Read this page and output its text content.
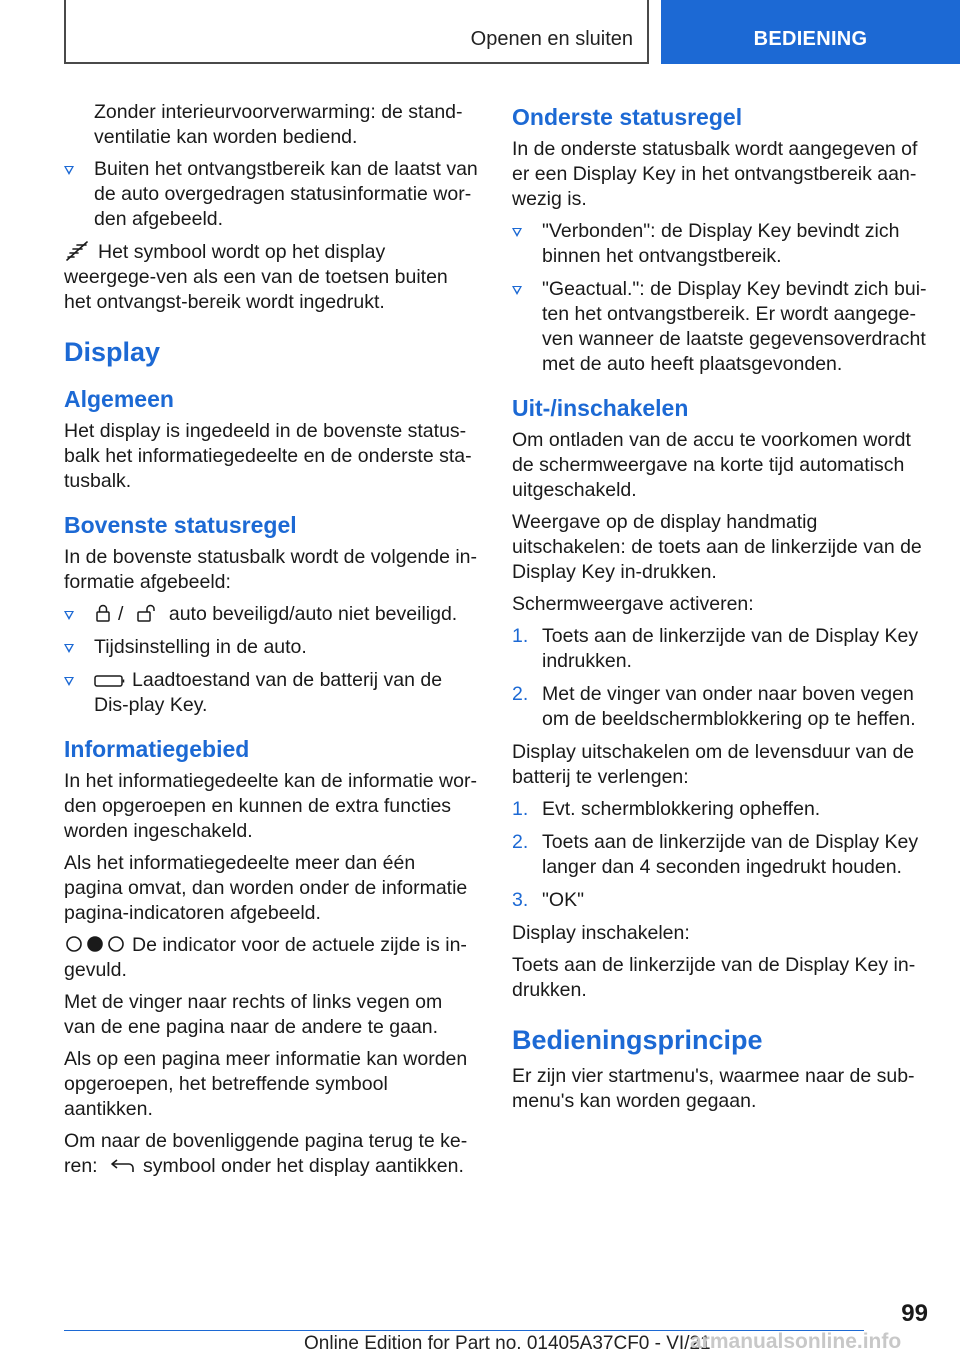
Openen en sluiten	BEDIENING

Zonder interieurvoorverwarming: de stand-ventilatie kan worden bediend.

Buiten het ontvangstbereik kan de laatst van de auto overgedragen statusinformatie wor-den afgebeeld.

Het symbool wordt op het display weergege-ven als een van de toetsen buiten het ontvangst-bereik wordt ingedrukt.

Display
Algemeen

Het display is ingedeeld in de bovenste status-balk het informatiegedeelte en de onderste sta-tusbalk.

Bovenste statusregel

In de bovenste statusbalk wordt de volgende in-formatie afgebeeld:

/ auto beveiligd/auto niet beveiligd.
Tijdsinstelling in de auto.
Laadtoestand van de batterij van de Dis-play Key.
Informatiegebied

In het informatiegedeelte kan de informatie wor-den opgeroepen en kunnen de extra functies worden ingeschakeld.

Als het informatiegedeelte meer dan één pagina omvat, dan worden onder de informatie pagina-indicatoren afgebeeld.

De indicator voor de actuele zijde is in-gevuld.

Met de vinger naar rechts of links vegen om van de ene pagina naar de andere te gaan.

Als op een pagina meer informatie kan worden opgeroepen, het betreffende symbool aantikken.

Om naar de bovenliggende pagina terug te ke-ren: symbool onder het display aantikken.

Onderste statusregel

In de onderste statusbalk wordt aangegeven of er een Display Key in het ontvangstbereik aan-wezig is.

"Verbonden": de Display Key bevindt zich binnen het ontvangstbereik.
"Geactual.": de Display Key bevindt zich bui-ten het ontvangstbereik. Er wordt aangege-ven wanneer de laatste gegevensoverdracht met de auto heeft plaatsgevonden.
Uit-/inschakelen

Om ontladen van de accu te voorkomen wordt de schermweergave na korte tijd automatisch uitgeschakeld.

Weergave op de display handmatig uitschakelen: de toets aan de linkerzijde van de Display Key in-drukken.

Schermweergave activeren:

1. Toets aan de linkerzijde van de Display Key indrukken.
2. Met de vinger van onder naar boven vegen om de beeldschermblokkering op te heffen.

Display uitschakelen om de levensduur van de batterij te verlengen:

1. Evt. schermblokkering opheffen.
2. Toets aan de linkerzijde van de Display Key langer dan 4 seconden ingedrukt houden.
3. "OK"

Display inschakelen:

Toets aan de linkerzijde van de Display Key in-drukken.

Bedieningsprincipe

Er zijn vier startmenu's, waarmee naar de sub-menu's kan worden gegaan.

99
Online Edition for Part no. 01405A37CF0 - VI/21
armanualsonline.info
